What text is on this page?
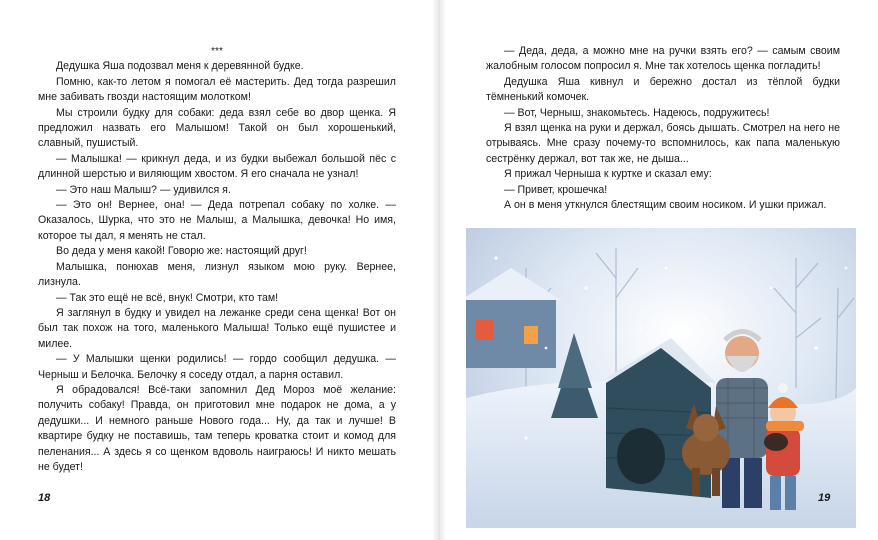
***

Дедушка Яша подозвал меня к деревянной будке.

Помню, как-то летом я помогал её мастерить. Дед тогда разрешил мне забивать гвозди настоящим молотком!

Мы строили будку для собаки: деда взял себе во двор щенка. Я предложил назвать его Малышом! Такой он был хорошенький, славный, пушистый.

— Малышка! — крикнул деда, и из будки выбежал большой пёс с длинной шерстью и виляющим хвостом. Я его сначала не узнал!

— Это наш Малыш? — удивился я.

— Это он! Вернее, она! — Деда потрепал собаку по холке. — Оказалось, Шурка, что это не Малыш, а Малышка, девочка! Но имя, которое ты дал, я менять не стал.

Во деда у меня какой! Говорю же: настоящий друг!

Малышка, понюхав меня, лизнул языком мою руку. Вернее, лизнула.

— Так это ещё не всё, внук! Смотри, кто там!

Я заглянул в будку и увидел на лежанке среди сена щенка! Вот он был так похож на того, маленького Малыша! Только ещё пушистее и милее.

— У Малышки щенки родились! — гордо сообщил дедушка. — Черныш и Белочка. Белочку я соседу отдал, а парня оставил.

Я обрадовался! Всё-таки запомнил Дед Мороз моё желание: получить собаку! Правда, он приготовил мне подарок не дома, а у дедушки... И немного раньше Нового года... Ну, да так и лучше! В квартире будку не поставишь, там теперь кроватка стоит и комод для пеленания... А здесь я со щенком вдоволь наиграюсь! И никто мешать не будет!

18

— Деда, деда, а можно мне на ручки взять его? — самым своим жалобным голосом попросил я. Мне так хотелось щенка погладить!

Дедушка Яша кивнул и бережно достал из тёплой будки тёмненький комочек.

— Вот, Черныш, знакомьтесь. Надеюсь, подружитесь!

Я взял щенка на руки и держал, боясь дышать. Смотрел на него не отрываясь. Мне сразу почему-то вспомнилось, как папа маленькую сестрёнку держал, вот так же, не дыша...

Я прижал Черныша к куртке и сказал ему:

— Привет, крошечка!

А он в меня уткнулся блестящим своим носиком. И ушки прижал.

19
